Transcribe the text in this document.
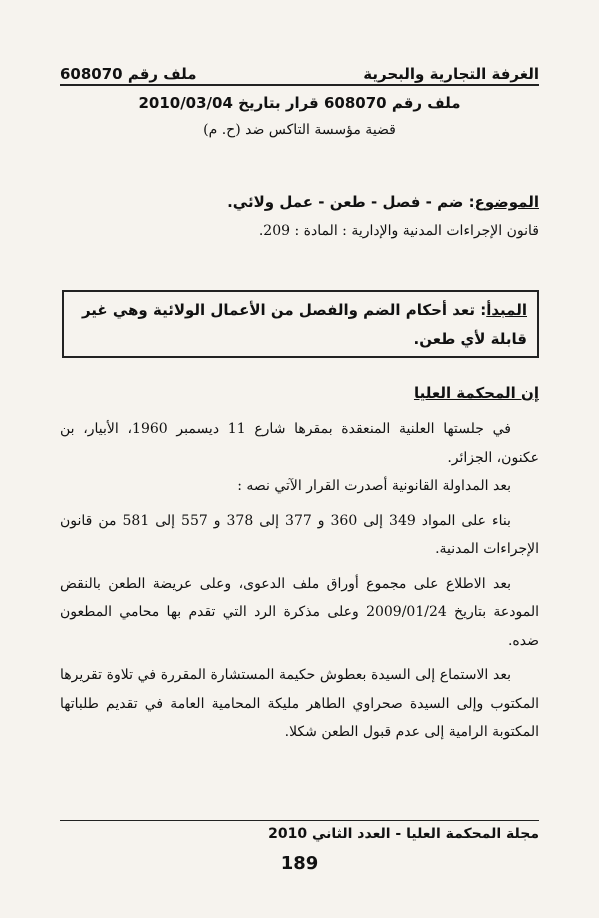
الغرفة التجارية والبحرية
ملف رقم 608070
ملف رقم 608070 قرار بتاريخ 2010/03/04
قضية مؤسسة التاكس ضد (ح. م)
الموضوع: ضم - فصل - طعن - عمل ولائي.
قانون الإجراءات المدنية والإدارية : المادة : 209.
المبدأ: تعد أحكام الضم والفصل من الأعمال الولائية وهي غير قابلة لأي طعن.
إن المحكمة العليا

في جلستها العلنية المنعقدة بمقرها شارع 11 ديسمبر 1960، الأبيار، بن عكنون، الجزائر.

بعد المداولة القانونية أصدرت القرار الآتي نصه :

بناء على المواد 349 إلى 360 و 377 إلى 378 و 557 إلى 581 من قانون الإجراءات المدنية.

بعد الاطلاع على مجموع أوراق ملف الدعوى، وعلى عريضة الطعن بالنقض المودعة بتاريخ 2009/01/24 وعلى مذكرة الرد التي تقدم بها محامي المطعون ضده.

بعد الاستماع إلى السيدة بعطوش حكيمة المستشارة المقررة في تلاوة تقريرها المكتوب وإلى السيدة صحراوي الطاهر مليكة المحامية العامة في تقديم طلباتها المكتوبة الرامية إلى عدم قبول الطعن شكلا.

مجلة المحكمة العليا - العدد الثاني 2010
189
